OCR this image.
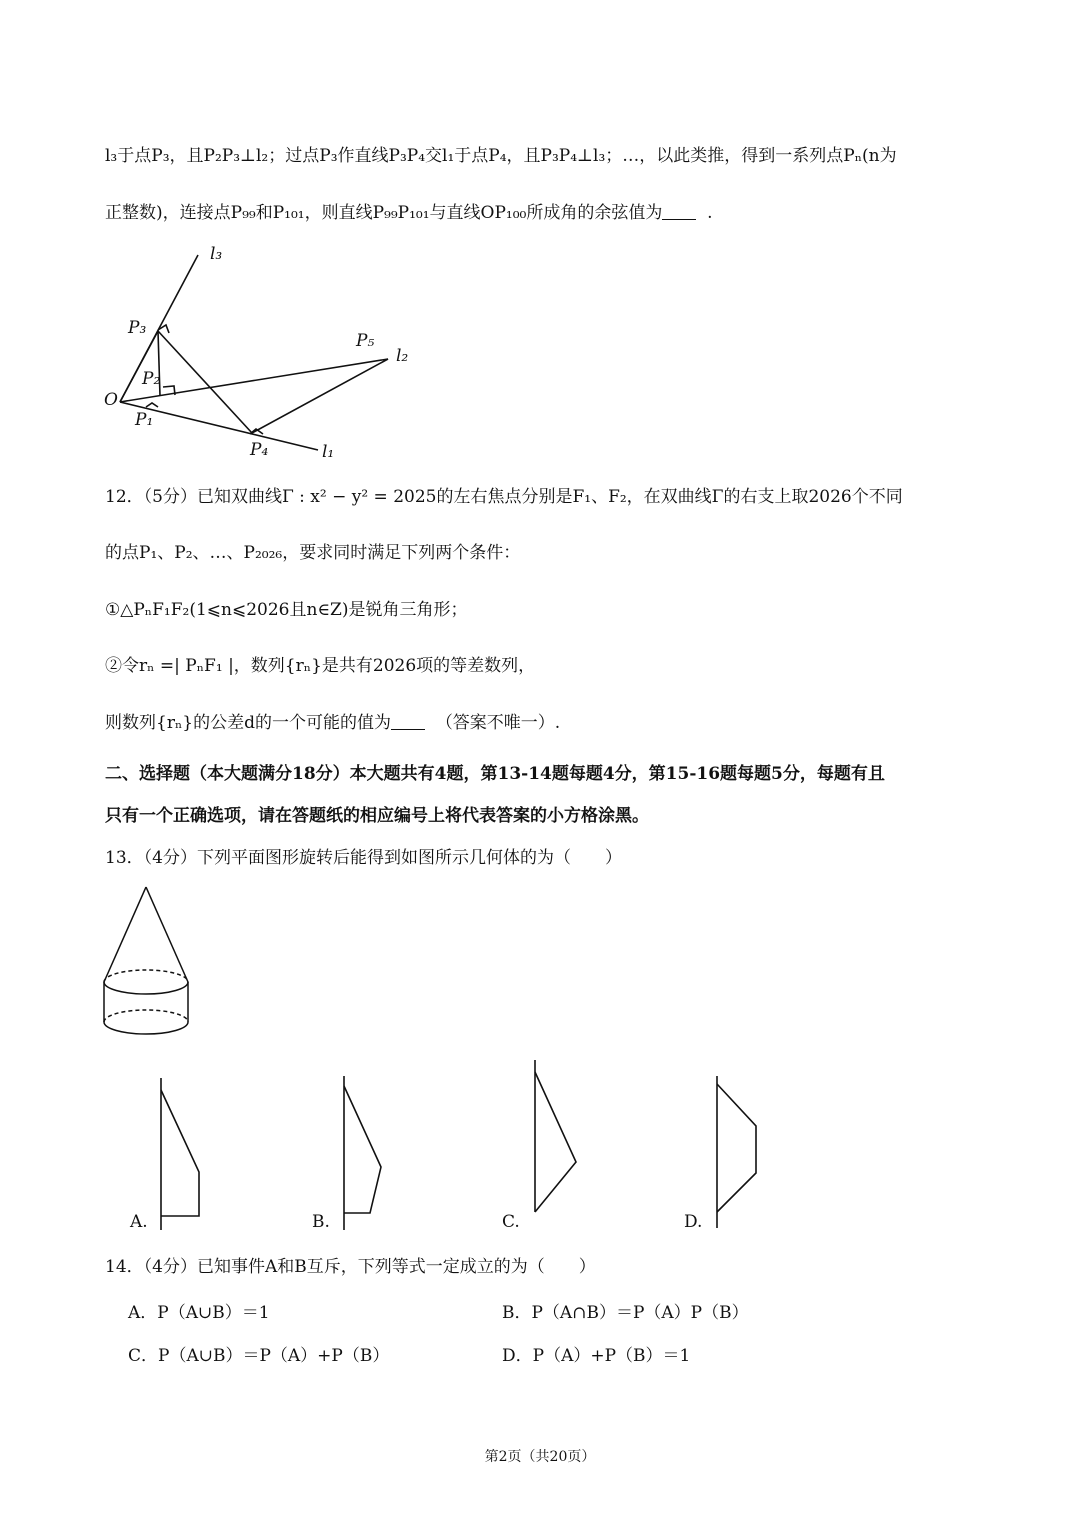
l₃于点P₃，且P₂P₃⊥l₂；过点P₃作直线P₃P₄交l₁于点P₄，且P₃P₄⊥l₃；…，以此类推，得到一系列点Pₙ(n为
正整数)，连接点P₉₉和P₁₀₁，则直线P₉₉P₁₀₁与直线OP₁₀₀所成角的余弦值为	.
l₃
P₃
P₅
l₂
P₂
O
P₁
P₄	l₁
12．（5分）已知双曲线Γ : x² − y² = 2025的左右焦点分别是F₁、F₂，在双曲线Γ的右支上取2026个不同
的点P₁、P₂、…、P₂₀₂₆，要求同时满足下列两个条件：
①△PₙF₁F₂(1⩽n⩽2026且n∈Z)是锐角三角形；
②令rₙ =| PₙF₁ |，数列{rₙ}是共有2026项的等差数列，
则数列{rₙ}的公差d的一个可能的值为	（答案不唯一）.
二、选择题（本大题满分18分）本大题共有4题，第13-14题每题4分，第15-16题每题5分，每题有且
只有一个正确选项，请在答题纸的相应编号上将代表答案的小方格涂黑。
13．（4分）下列平面图形旋转后能得到如图所示几何体的为（　　）
A.	B.	C.	D.
14．（4分）已知事件A和B互斥，下列等式一定成立的为（　　）
A．P（A∪B）＝1	B．P（A∩B）＝P（A）P（B）
C．P（A∪B）＝P（A）+P（B）	D．P（A）+P（B）＝1
第2页（共20页）
